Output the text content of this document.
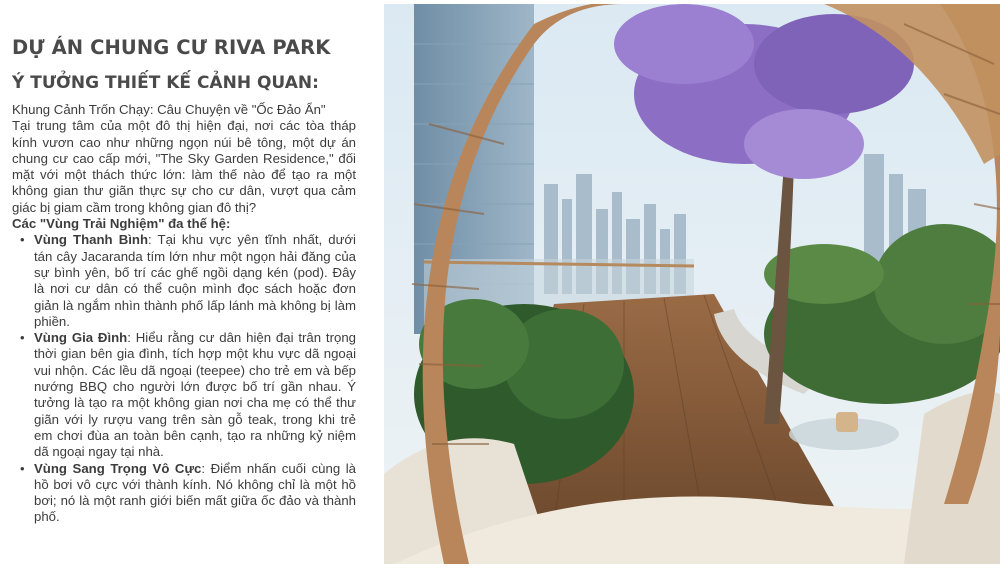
DỰ ÁN CHUNG CƯ RIVA PARK
Ý TƯỞNG THIẾT KẾ CẢNH QUAN:

Khung Cảnh Trốn Chạy: Câu Chuyện về "Ốc Đảo Ẩn"

Tại trung tâm của một đô thị hiện đại, nơi các tòa tháp kính vươn cao như những ngọn núi bê tông, một dự án chung cư cao cấp mới, "The Sky Garden Residence," đối mặt với một thách thức lớn: làm thế nào để tạo ra một không gian thư giãn thực sự cho cư dân, vượt qua cảm giác bị giam cầm trong không gian đô thị?

Các "Vùng Trải Nghiệm" đa thế hệ:

• Vùng Thanh Bình: Tại khu vực yên tĩnh nhất, dưới tán cây Jacaranda tím lớn như một ngọn hải đăng của sự bình yên, bố trí các ghế ngồi dạng kén (pod). Đây là nơi cư dân có thể cuộn mình đọc sách hoặc đơn giản là ngắm nhìn thành phố lấp lánh mà không bị làm phiền.
• Vùng Gia Đình: Hiểu rằng cư dân hiện đại trân trọng thời gian bên gia đình, tích hợp một khu vực dã ngoại vui nhộn. Các lều dã ngoại (teepee) cho trẻ em và bếp nướng BBQ cho người lớn được bố trí gần nhau. Ý tưởng là tạo ra một không gian nơi cha mẹ có thể thư giãn với ly rượu vang trên sàn gỗ teak, trong khi trẻ em chơi đùa an toàn bên cạnh, tạo ra những kỷ niệm dã ngoại ngay tại nhà.
• Vùng Sang Trọng Vô Cực: Điểm nhấn cuối cùng là hồ bơi vô cực với thành kính. Nó không chỉ là một hồ bơi; nó là một ranh giới biến mất giữa ốc đảo và thành phố.
